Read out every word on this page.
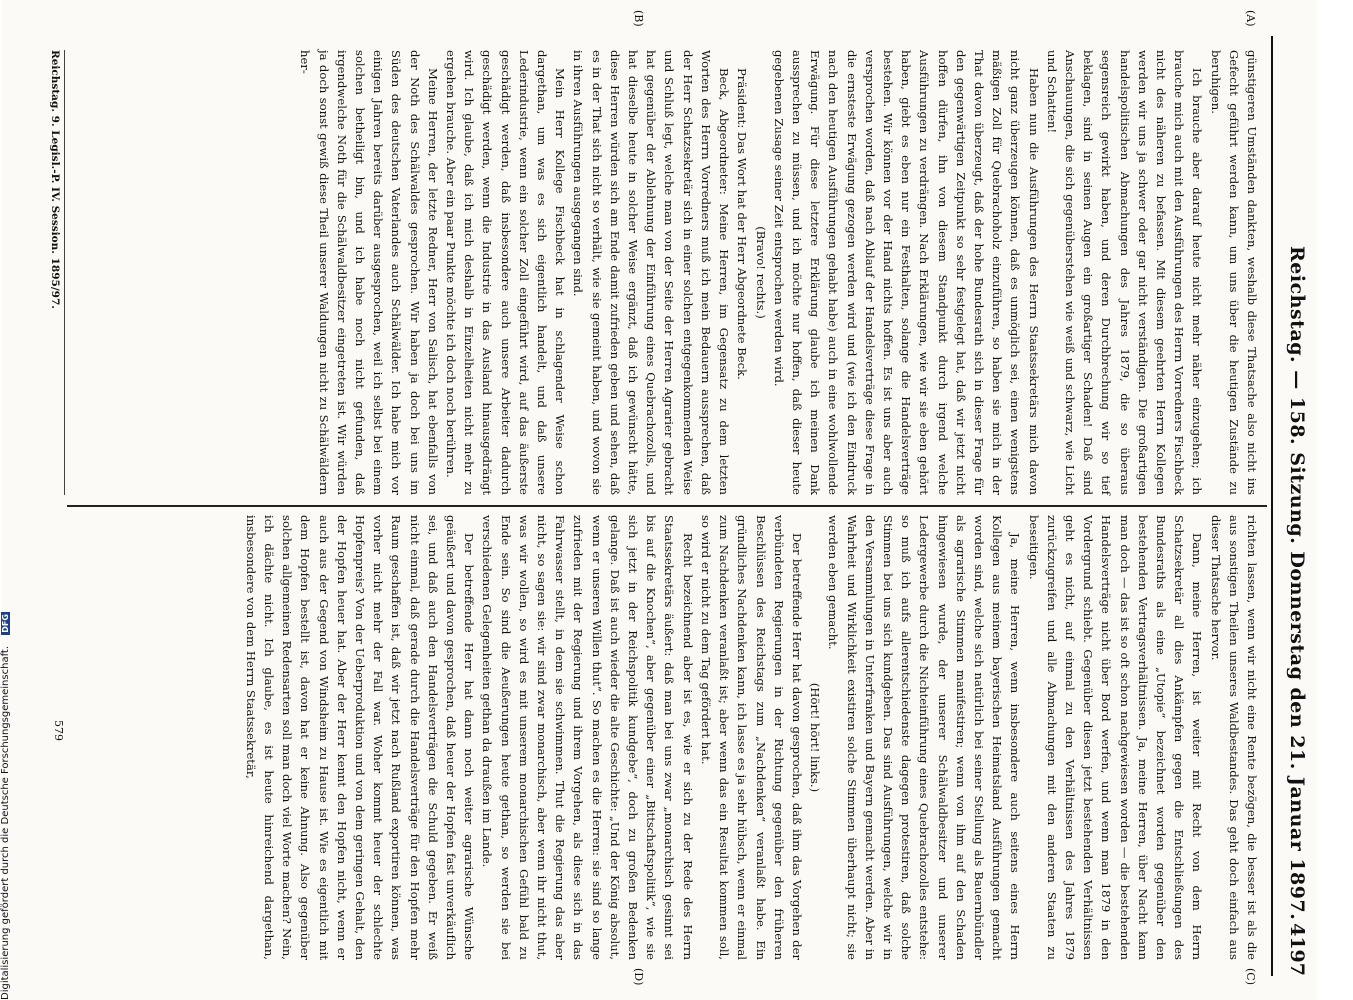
Reichstag. — 158. Sitzung. Donnerstag den 21. Januar 1897.
4197
(A)
(B)
(C)
(D)

günstigeren Umständen dankten, weshalb diese Thatsache also nicht ins Gefecht geführt werden kann, um uns über die heutigen Zustände zu beruhigen.

Ich brauche aber darauf heute nicht mehr näher einzugehen; ich brauche mich auch mit den Ausführungen des Herrn Vorredners Fischbeck nicht des näheren zu befassen. Mit diesem geehrten Herrn Kollegen werden wir uns ja schwer oder gar nicht verständigen. Die großartigen handelspolitischen Abmachungen des Jahres 1879, die so überaus segensreich gewirkt haben, und deren Durchbrechung wir so tief beklagen, sind in seinen Augen ein großartiger Schaden! Daß sind Anschauungen, die sich gegenüberstehen wie weiß und schwarz, wie Licht und Schatten!

Haben nun die Ausführungen des Herrn Staatssekretärs mich davon nicht ganz überzeugen können, daß es unmöglich sei, einen wenigstens mäßigen Zoll für Quebrachoholz einzuführen, so haben sie mich in der That davon überzeugt, daß der hohe Bundesrath sich in dieser Frage für den gegenwärtigen Zeitpunkt so sehr festgelegt hat, daß wir jetzt nicht hoffen dürfen, ihn von diesem Standpunkt durch irgend welche Ausführungen zu verdrängen. Nach Erklärungen, wie wir sie eben gehört haben, giebt es eben nur ein Festhalten, solange die Handelsverträge bestehen. Wir können vor der Hand nichts hoffen. Es ist uns aber auch versprochen worden, daß nach Ablauf der Handelsverträge diese Frage in die ernsteste Erwägung gezogen werden wird und (wie ich den Eindruck nach den heutigen Ausführungen gehabt habe) auch in eine wohlwollende Erwägung. Für diese letztere Erklärung glaube ich meinen Dank aussprechen zu müssen, und ich möchte nur hoffen, daß dieser heute gegebenen Zusage seiner Zeit entsprochen werden wird.

(Bravo! rechts.)

Präsident: Das Wort hat der Herr Abgeordnete Beck.

Beck, Abgeordneter: Meine Herren, im Gegensatz zu dem letzten Worten des Herrn Vorredners muß ich mein Bedauern aussprechen, daß der Herr Schatzsekretär sich in einer solchen entgegenkommenden Weise und Schluß legt, welche man von der Seite der Herren Agrarier gebracht hat gegenüber der Ablehnung der Einführung eines Quebrachozolls, und hat dieselbe heute in solcher Weise ergänzt, daß ich gewünscht hätte, diese Herren würden sich am Ende damit zufrieden geben und sehen, daß es in der That sich nicht so verhält, wie sie gemeint haben, und wovon sie in ihren Ausführungen ausgegangen sind.

Mein Herr Kollege Fischbeck hat in schlagender Weise schon dargethan, um was es sich eigentlich handelt, und daß unsere Lederindustrie, wenn ein solcher Zoll eingeführt wird, auf das äußerste geschädigt werden, daß insbesondere auch unsere Arbeiter dadurch geschädigt werden, wenn die Industrie in das Ausland hinausgedrängt wird. Ich glaube, daß ich mich deshalb in Einzelheiten nicht mehr zu ergehen brauche. Aber ein paar Punkte möchte ich doch noch berühren.

Meine Herren, der letzte Redner, Herr von Salisch, hat ebenfalls von der Noth des Schälwaldes gesprochen. Wir haben ja doch bei uns im Süden des deutschen Vaterlandes auch Schälwälder. Ich habe mich vor einigen Jahren bereits darüber ausgesprochen, weil ich selbst bei einem solchen betheiligt bin, und ich habe noch nicht gefunden, daß irgendwelche Noth für die Schälwaldbesitzer eingetreten ist. Wir würden ja doch sonst gewiß diese Theil unserer Waldungen nicht zu Schälwäldern her-

richten lassen, wenn wir nicht eine Rente bezögen, die besser ist als die aus sonstigen Theilen unseres Waldbestandes. Das geht doch einfach aus dieser Thatsache hervor.

Dann, meine Herren, ist weiter mit Recht von dem Herrn Schatzsekretär all dies Ankämpfen gegen die Entschließungen des Bundesraths als eine „Utopie“ bezeichnet worden gegenüber den bestehenden Vertragsverhältnissen. Ja, meine Herren, über Nacht kann man doch — das ist so oft schon nachgewiesen worden — die bestehenden Handelsverträge nicht über Bord werfen, und wenn man 1879 in den Vordergrund schiebt. Gegenüber diesen jetzt bestehenden Verhältnissen geht es nicht, auf einmal zu den Verhältnissen des Jahres 1879 zurückzugreifen und alle Abmachungen mit den anderen Staaten zu beseitigen.

Ja, meine Herren, wenn insbesondere auch seitens eines Herrn Kollegen aus meinem bayerischen Heimatsland Ausführungen gemacht worden sind, welche sich natürlich bei seiner Stellung als Bauernbündler als agrarische Stimmen manifestiren; wenn von ihm auf den Schaden hingewiesen wurde, der unserer Schälwaldbesitzer und unserer Ledergewerbe durch die Nichteinführung eines Quebrachozolles entstehe: so muß ich aufs allerentschiedenste dagegen protestiren, daß solche Stimmen bei uns sich kundgeben. Das sind Ausführungen, welche wir in den Versammlungen in Unterfranken und Bayern gemacht werden. Aber in Wahrheit und Wirklichkeit existiren solche Stimmen überhaupt nicht; sie werden eben gemacht.

(Hört! hört! links.)

Der betreffende Herr hat davon gesprochen, daß ihm das Vorgehen der verbündeten Regierungen in der Richtung gegenüber den früheren Beschlüssen des Reichstags zum „Nachdenken“ veranlaßt habe. Ein gründliches Nachdenken kann, ich lasse es ja sehr hübsch, wenn er einmal zum Nachdenken veranlaßt ist; aber wenn das ein Resultat kommen soll, so wird er nicht zu dem Tag gefördert hat.

Recht bezeichnend aber ist es, wie er sich zu der Rede des Herrn Staatssekretärs äußert: daß man bei uns zwar „monarchisch gesinnt sei bis auf die Knochen“, aber gegenüber einer „Bittschaftspolitik“, wie sie sich jetzt in der Reichspolitik kundgebe“, doch zu großen Bedenken gelange. Daß ist auch wieder die alte Geschichte: „Und der König absolut, wenn er unseren Willen thut“. So machen es die Herren: sie sind so lange zufrieden mit der Regierung und ihrem Vorgehen, als diese sich in das Fahrwasser stellt, in dem sie schwimmen. Thut die Regierung das aber nicht, so sagen sie: wir sind zwar monarchisch, aber wenn ihr nicht thut, was wir wollen, so wird es mit unserem monarchischen Gefühl bald zu Ende sein. So sind die Aeußerungen heute gethan, so werden sie bei verschiedenen Gelegenheiten gethan da draußen im Lande.

Der betreffende Herr hat dann noch weiter agrarische Wünsche geäußert und davon gesprochen, daß heuer der Hopfen fast unverkäuflich sei, und daß auch den Handelsverträgen die Schuld gegeben. Er weiß nicht einmal, daß gerade durch die Handelsverträge für den Hopfen mehr Raum geschaffen ist, daß wir jetzt nach Rußland exportiren können, was vorher nicht mehr der Fall war. Woher kommt heuer der schlechte Hopfenpreis? Von der Ueberproduktion und von dem geringen Gehalt, den der Hopfen heuer hat. Aber der Herr kennt den Hopfen nicht, wenn er auch aus der Gegend von Windsheim zu Hause ist. Wie es eigentlich mit dem Hopfen bestellt ist, davon hat er keine Ahnung. Also gegenüber solchen allgemeinen Redensarten soll man doch viel Worte machen? Nein, ich dächte nicht. Ich glaube, es ist heute hinreichend dargethan, insbesondere von dem Herrn Staatssekretär,

Reichstag. 9. Legisl.-P. IV. Session. 1895/97.
579
Digitalisierung gefördert durch die Deutsche Forschungsgemeinschaft. DFG
